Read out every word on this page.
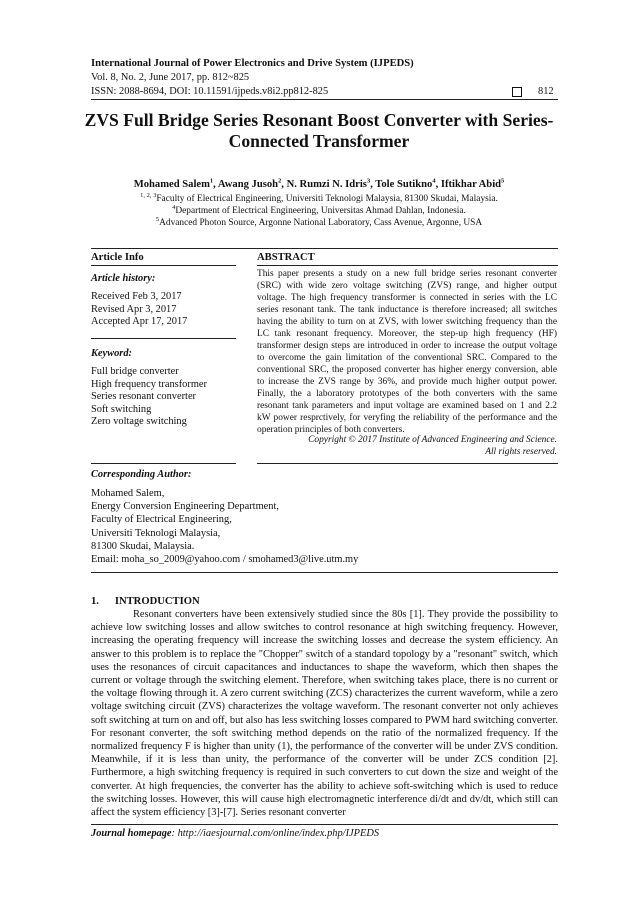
International Journal of Power Electronics and Drive System (IJPEDS)
Vol. 8, No. 2, June 2017, pp. 812~825
ISSN: 2088-8694, DOI: 10.11591/ijpeds.v8i2.pp812-825	812
ZVS Full Bridge Series Resonant Boost Converter with Series-
Connected Transformer
Mohamed Salem$^1$, Awang Jusoh$^2$, N. Rumzi N. Idris$^3$, Tole Sutikno$^4$, Iftikhar Abid$^5$
$^{1, 2, 3}$Faculty of Electrical Engineering, Universiti Teknologi Malaysia, 81300 Skudai, Malaysia.
$^4$Department of Electrical Engineering, Universitas Ahmad Dahlan, Indonesia.
$^5$Advanced Photon Source, Argonne National Laboratory, Cass Avenue, Argonne, USA
Article Info	ABSTRACT
Article history:
Received Feb 3, 2017
Revised Apr 3, 2017
Accepted Apr 17, 2017
Keyword:
Full bridge converter
High frequency transformer
Series resonant converter
Soft switching
Zero voltage switching
This paper presents a study on a new full bridge series resonant converter (SRC) with wide zero voltage switching (ZVS) range, and higher output voltage. The high frequency transformer is connected in series with the LC series resonant tank. The tank inductance is therefore increased; all switches having the ability to turn on at ZVS, with lower switching frequency than the LC tank resonant frequency. Moreover, the step-up high frequency (HF) transformer design steps are introduced in order to increase the output voltage to overcome the gain limitation of the conventional SRC. Compared to the conventional SRC, the proposed converter has higher energy conversion, able to increase the ZVS range by 36%, and provide much higher output power. Finally, the a laboratory prototypes of the both converters with the same resonant tank parameters and input voltage are examined based on 1 and 2.2 kW power resprctively, for veryfing the reliability of the performance and the operation principles of both converters.
Copyright © 2017 Institute of Advanced Engineering and Science.
All rights reserved.
Corresponding Author:
Mohamed Salem,
Energy Conversion Engineering Department,
Faculty of Electrical Engineering,
Universiti Teknologi Malaysia,
81300 Skudai, Malaysia.
Email: moha_so_2009@yahoo.com / smohamed3@live.utm.my
1.      INTRODUCTION
Resonant converters have been extensively studied since the 80s [1]. They provide the possibility to achieve low switching losses and allow switches to control resonance at high switching frequency. However, increasing the operating frequency will increase the switching losses and decrease the system efficiency. An answer to this problem is to replace the "Chopper" switch of a standard topology by a "resonant" switch, which uses the resonances of circuit capacitances and inductances to shape the waveform, which then shapes the current or voltage through the switching element. Therefore, when switching takes place, there is no current or the voltage flowing through it. A zero current switching (ZCS) characterizes the current waveform, while a zero voltage switching circuit (ZVS) characterizes the voltage waveform. The resonant converter not only achieves soft switching at turn on and off, but also has less switching losses compared to PWM hard switching converter. For resonant converter, the soft switching method depends on the ratio of the normalized frequency. If the normalized frequency F is higher than unity (1), the performance of the converter will be under ZVS condition. Meanwhile, if it is less than unity, the performance of the converter will be under ZCS condition [2]. Furthermore, a high switching frequency is required in such converters to cut down the size and weight of the converter. At high frequencies, the converter has the ability to achieve soft-switching which is used to reduce the switching losses. However, this will cause high electromagnetic interference di/dt and dv/dt, which still can affect the system efficiency [3]-[7]. Series resonant converter
Journal homepage: http://iaesjournal.com/online/index.php/IJPEDS
